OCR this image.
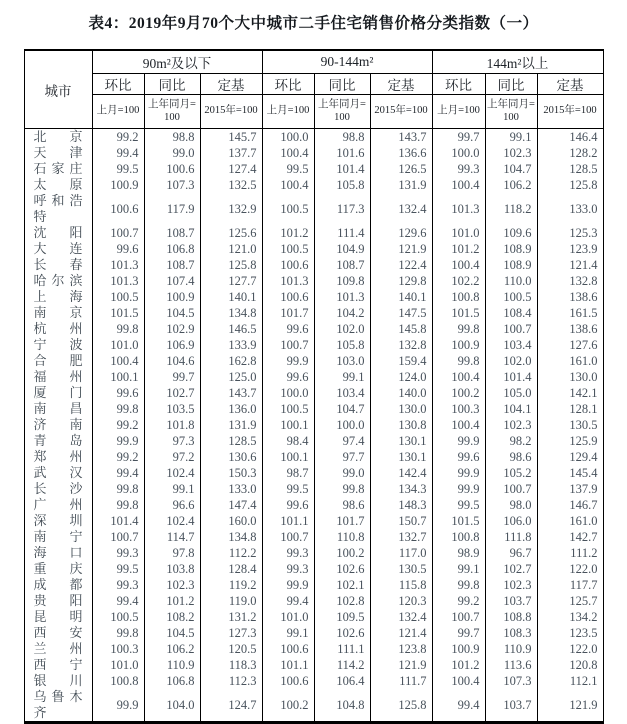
表4：2019年9月70个大中城市二手住宅销售价格分类指数（一）
城市	90m²及以下			90-144m²			144m²以上		
	环比	同比	定基	环比	同比	定基	环比	同比	定基
	上月=100	上年同月=100	2015年=100	上月=100	上年同月=100	2015年=100	上月=100	上年同月=100	2015年=100
北京	99.2	98.8	145.7	100.0	98.8	143.7	99.7	99.1	146.4
天津	99.4	99.0	137.7	100.4	101.6	136.6	100.0	102.3	128.2
石家庄	99.5	100.6	127.4	99.5	101.4	126.5	99.3	104.7	128.5
太原	100.9	107.3	132.5	100.4	105.8	131.9	100.4	106.2	125.8
呼和浩特	100.6	117.9	132.9	100.5	117.3	132.4	101.3	118.2	133.0
沈阳	100.7	108.7	125.6	101.2	111.4	129.6	101.0	109.6	125.3
大连	99.6	106.8	121.0	100.5	104.9	121.9	101.2	108.9	123.9
长春	101.3	108.7	125.8	100.6	108.7	122.4	100.4	108.9	121.4
哈尔滨	101.3	107.4	127.7	101.3	109.8	129.8	102.2	110.0	132.8
上海	100.5	100.9	140.1	100.6	101.3	140.1	100.8	100.5	138.6
南京	101.5	104.5	134.8	101.7	104.2	147.5	101.5	108.4	161.5
杭州	99.8	102.9	146.5	99.6	102.0	145.8	99.8	100.7	138.6
宁波	101.0	106.9	133.9	100.7	105.8	132.8	100.9	103.4	127.6
合肥	100.4	104.6	162.8	99.9	103.0	159.4	99.8	102.0	161.0
福州	100.1	99.7	125.0	99.6	99.1	124.0	100.4	101.4	130.0
厦门	99.6	102.7	143.7	100.0	103.4	140.0	100.2	105.0	142.1
南昌	99.8	103.5	136.0	100.5	104.7	130.0	100.3	104.1	128.1
济南	99.2	101.8	131.9	100.1	100.0	130.8	100.4	102.3	130.5
青岛	99.9	97.3	128.5	98.4	97.4	130.1	99.9	98.2	125.9
郑州	99.2	97.2	130.6	100.1	97.7	130.1	99.6	98.6	129.4
武汉	99.4	102.4	150.3	98.7	99.0	142.4	99.9	105.2	145.4
长沙	99.8	99.1	133.0	99.5	99.8	134.3	99.9	100.7	137.9
广州	99.8	96.6	147.4	99.6	98.6	148.3	99.5	98.0	146.7
深圳	101.4	102.4	160.0	101.1	101.7	150.7	101.5	106.0	161.0
南宁	100.7	114.7	134.8	100.7	110.8	132.7	100.8	111.8	142.7
海口	99.3	97.8	112.2	99.3	100.2	117.0	98.9	96.7	111.2
重庆	99.5	103.8	128.4	99.3	102.6	130.5	99.1	102.7	122.0
成都	99.3	102.3	119.2	99.9	102.1	115.8	99.8	102.3	117.7
贵阳	99.4	101.2	119.0	99.4	102.8	120.3	99.2	103.7	125.7
昆明	100.5	108.2	131.2	101.0	109.5	132.4	100.7	108.8	134.2
西安	99.8	104.5	127.3	99.1	102.6	121.4	99.7	108.3	123.5
兰州	100.3	106.2	120.5	100.6	111.1	123.8	100.9	110.9	122.0
西宁	101.0	110.9	118.3	101.1	114.2	121.9	101.2	113.6	120.8
银川	100.8	106.8	112.3	100.6	106.4	111.7	100.4	107.3	112.1
乌鲁木齐	99.9	104.0	124.7	100.2	104.8	125.8	99.4	103.7	121.9
